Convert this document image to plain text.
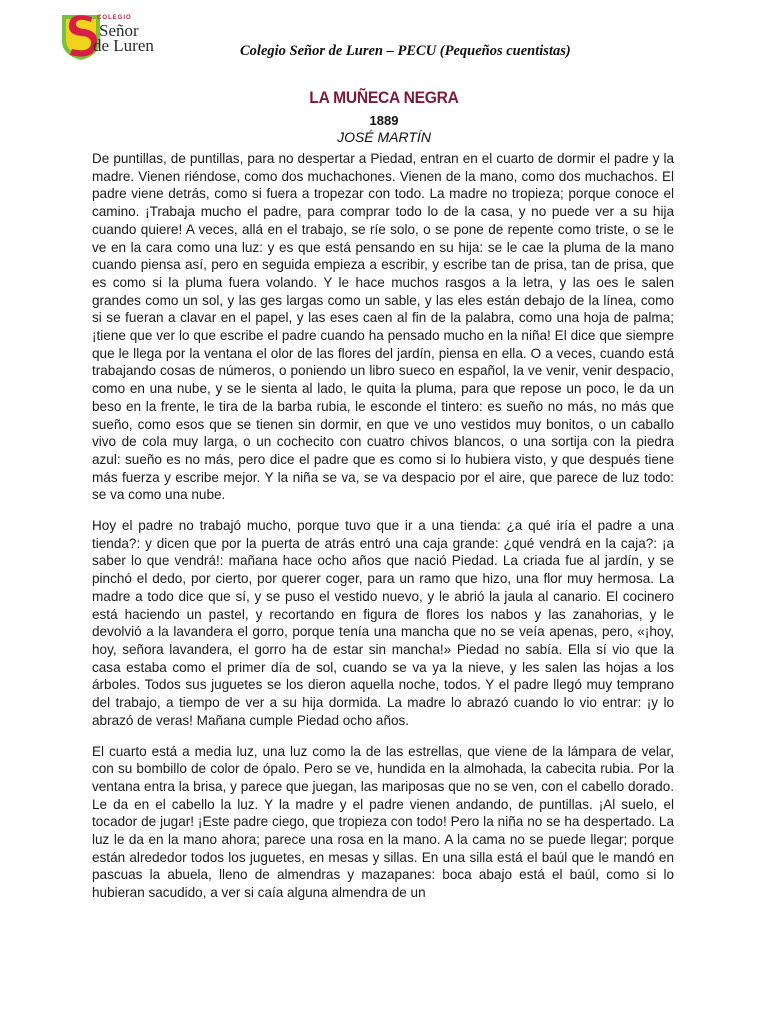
COLEGIO
Señor
de Luren	Colegio Señor de Luren – PECU (Pequeños cuentistas)
LA MUÑECA NEGRA
1889
JOSÉ MARTÍN

De puntillas, de puntillas, para no despertar a Piedad, entran en el cuarto de dormir el padre y la madre. Vienen riéndose, como dos muchachones. Vienen de la mano, como dos muchachos. El padre viene detrás, como si fuera a tropezar con todo. La madre no tropieza; porque conoce el camino. ¡Trabaja mucho el padre, para comprar todo lo de la casa, y no puede ver a su hija cuando quiere! A veces, allá en el trabajo, se ríe solo, o se pone de repente como triste, o se le ve en la cara como una luz: y es que está pensando en su hija: se le cae la pluma de la mano cuando piensa así, pero en seguida empieza a escribir, y escribe tan de prisa, tan de prisa, que es como si la pluma fuera volando. Y le hace muchos rasgos a la letra, y las oes le salen grandes como un sol, y las ges largas como un sable, y las eles están debajo de la línea, como si se fueran a clavar en el papel, y las eses caen al fin de la palabra, como una hoja de palma; ¡tiene que ver lo que escribe el padre cuando ha pensado mucho en la niña! El dice que siempre que le llega por la ventana el olor de las flores del jardín, piensa en ella. O a veces, cuando está trabajando cosas de números, o poniendo un libro sueco en español, la ve venir, venir despacio, como en una nube, y se le sienta al lado, le quita la pluma, para que repose un poco, le da un beso en la frente, le tira de la barba rubia, le esconde el tintero: es sueño no más, no más que sueño, como esos que se tienen sin dormir, en que ve uno vestidos muy bonitos, o un caballo vivo de cola muy larga, o un cochecito con cuatro chivos blancos, o una sortija con la piedra azul: sueño es no más, pero dice el padre que es como si lo hubiera visto, y que después tiene más fuerza y escribe mejor. Y la niña se va, se va despacio por el aire, que parece de luz todo: se va como una nube.

Hoy el padre no trabajó mucho, porque tuvo que ir a una tienda: ¿a qué iría el padre a una tienda?: y dicen que por la puerta de atrás entró una caja grande: ¿qué vendrá en la caja?: ¡a saber lo que vendrá!: mañana hace ocho años que nació Piedad. La criada fue al jardín, y se pinchó el dedo, por cierto, por querer coger, para un ramo que hizo, una flor muy hermosa. La madre a todo dice que sí, y se puso el vestido nuevo, y le abrió la jaula al canario. El cocinero está haciendo un pastel, y recortando en figura de flores los nabos y las zanahorias, y le devolvió a la lavandera el gorro, porque tenía una mancha que no se veía apenas, pero, «¡hoy, hoy, señora lavandera, el gorro ha de estar sin mancha!» Piedad no sabía. Ella sí vio que la casa estaba como el primer día de sol, cuando se va ya la nieve, y les salen las hojas a los árboles. Todos sus juguetes se los dieron aquella noche, todos. Y el padre llegó muy temprano del trabajo, a tiempo de ver a su hija dormida. La madre lo abrazó cuando lo vio entrar: ¡y lo abrazó de veras! Mañana cumple Piedad ocho años.

El cuarto está a media luz, una luz como la de las estrellas, que viene de la lámpara de velar, con su bombillo de color de ópalo. Pero se ve, hundida en la almohada, la cabecita rubia. Por la ventana entra la brisa, y parece que juegan, las mariposas que no se ven, con el cabello dorado. Le da en el cabello la luz. Y la madre y el padre vienen andando, de puntillas. ¡Al suelo, el tocador de jugar! ¡Este padre ciego, que tropieza con todo! Pero la niña no se ha despertado. La luz le da en la mano ahora; parece una rosa en la mano. A la cama no se puede llegar; porque están alrededor todos los juguetes, en mesas y sillas. En una silla está el baúl que le mandó en pascuas la abuela, lleno de almendras y mazapanes: boca abajo está el baúl, como si lo hubieran sacudido, a ver si caía alguna almendra de un
